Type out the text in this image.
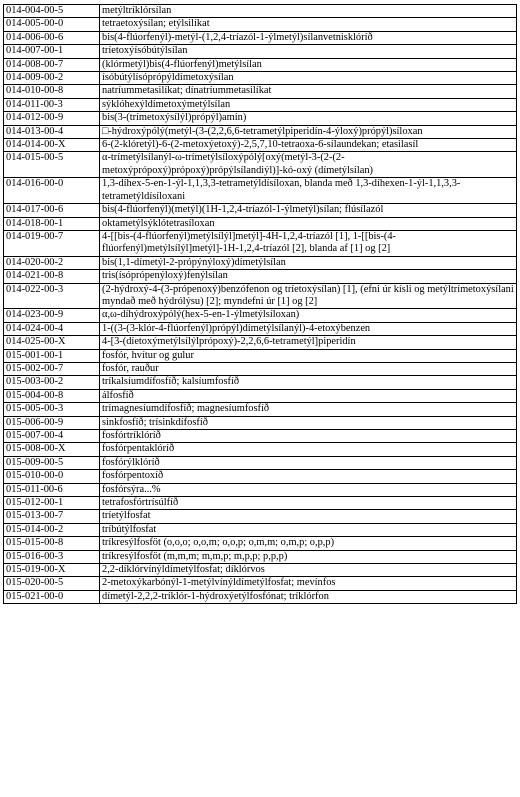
014-004-00-5	metýltríklórsílan
014-005-00-0	tetraetoxýsílan; etýlsilíkat
014-006-00-6	bis(4-flúorfenýl)-metýl-(1,2,4-tríazól-1-ýlmetýl)sílanvetnisklóríð
014-007-00-1	tríetoxýísóbútýlsílan
014-008-00-7	(klórmetýl)bis(4-flúorfenýl)metýlsílan
014-009-00-2	ísóbútýlísóprópýldímetoxýsílan
014-010-00-8	natríummetasilíkat; dínatríummetasilíkat
014-011-00-3	sýklóhexýldímetoxýmetýlsílan
014-012-00-9	bis(3-(trímetoxýsílýl)própýl)amín)
014-013-00-4	□-hýdroxýpólý(metýl-(3-(2,2,6,6-tetrametýlpiperidín-4-ýloxý)própýl)síloxan
014-014-00-X	6-(2-klóretýl)-6-(2-metoxýetoxý)-2,5,7,10-tetraoxa-6-sílaundekan; etasilasíl
014-015-00-5	α-trímetýlsílanýl-ω-trímetýlsíloxýpólý[oxý(metýl-3-(2-(2-metoxýprópoxý)própoxý)própýlsílandiýl)]-kó-oxý (dímetýlsílan)
014-016-00-0	1,3-díhex-5-en-1-ýl-1,1,3,3-tetrametýldísíloxan, blanda með 1,3-díhexen-1-ýl-1,1,3,3-tetrametýldísíloxani
014-017-00-6	bis(4-flúorfenýl)(metýl)(1H-1,2,4-tríazól-1-ýlmetýl)sílan; flúsílazól
014-018-00-1	oktametýlsýklótetrasíloxan
014-019-00-7	4-[[bis-(4-flúorfenýl)metýlsílýl]metýl]-4H-1,2,4-tríazól [1], 1-[[bis-(4-flúorfenýl)metýlsílýl]metýl]-1H-1,2,4-tríazól [2], blanda af [1] og [2]
014-020-00-2	bis(1,1-dímetýl-2-própýnýloxý)dímetýlsílan
014-021-00-8	tris(ísóprópenýloxý)fenýlsílan
014-022-00-3	(2-hýdroxý-4-(3-própenoxý)benzófenon og tríetoxýsílan) [1], (efni úr kísli og metýltrímetoxýsílani myndað með hýdrólýsu) [2]; myndefni úr [1] og [2]
014-023-00-9	α,ω-díhýdroxýpólý(hex-5-en-1-ýlmetýlsíloxan)
014-024-00-4	1-((3-(3-klór-4-flúorfenýl)própýl)dímetýlsílanýl)-4-etoxýbenzen
014-025-00-X	4-[3-(díetoxýmetýlsílýlprópoxý)-2,2,6,6-tetrametýl]piperidín
015-001-00-1	fosfór, hvítur og gulur
015-002-00-7	fosfór, rauður
015-003-00-2	tríkalsíumdífosfíð; kalsíumfosfíð
015-004-00-8	álfosfíð
015-005-00-3	trímagnesíumdífosfíð; magnesíumfosfíð
015-006-00-9	sinkfosfíð; trísinkdífosfíð
015-007-00-4	fosfórtríklóríð
015-008-00-X	fosfórpentaklóríð
015-009-00-5	fosfórýlklóríð
015-010-00-0	fosfórpentoxíð
015-011-00-6	fosfórsýra...%
015-012-00-1	tetrafosfórtrísúlfíð
015-013-00-7	tríetýlfosfat
015-014-00-2	tríbútýlfosfat
015-015-00-8	tríkresýlfosföt (o,o,o; o,o,m; o,o,p; o,m,m; o,m,p; o,p,p)
015-016-00-3	tríkresýlfosföt (m,m,m; m,m,p; m,p,p; p,p,p)
015-019-00-X	2,2-díklórvínýldímetýlfosfat; díklórvos
015-020-00-5	2-metoxýkarbónýl-1-metýlvínýldímetýlfosfat; mevínfos
015-021-00-0	dímetýl-2,2,2-tríklór-1-hýdroxýetýlfosfónat; tríklórfon
